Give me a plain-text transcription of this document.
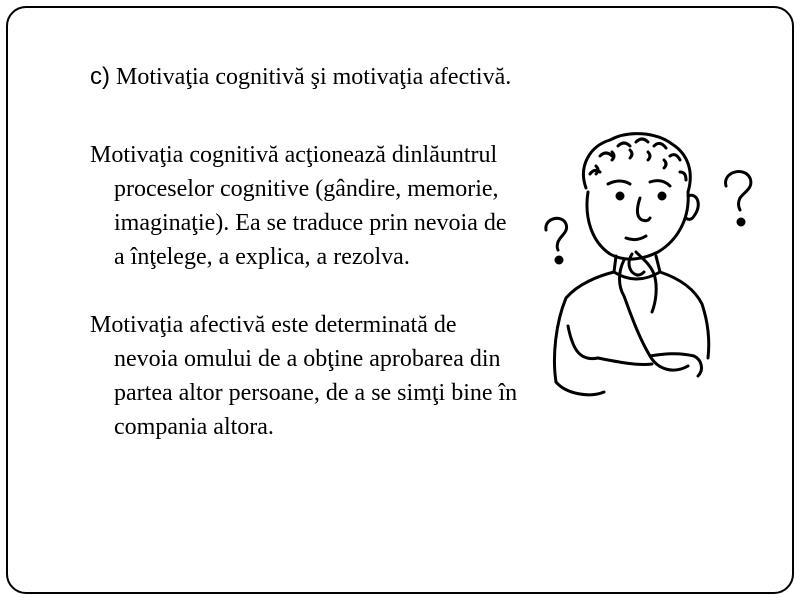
c) Motivaţia cognitivă şi motivaţia afectivă.

Motivaţia cognitivă acţionează dinlăuntrul proceselor cognitive (gândire, memorie, imaginaţie). Ea se traduce prin nevoia de a înţelege, a explica, a rezolva.

Motivaţia afectivă este determinată de nevoia omului de a obţine aprobarea din partea altor persoane, de a se simţi bine în compania altora.
